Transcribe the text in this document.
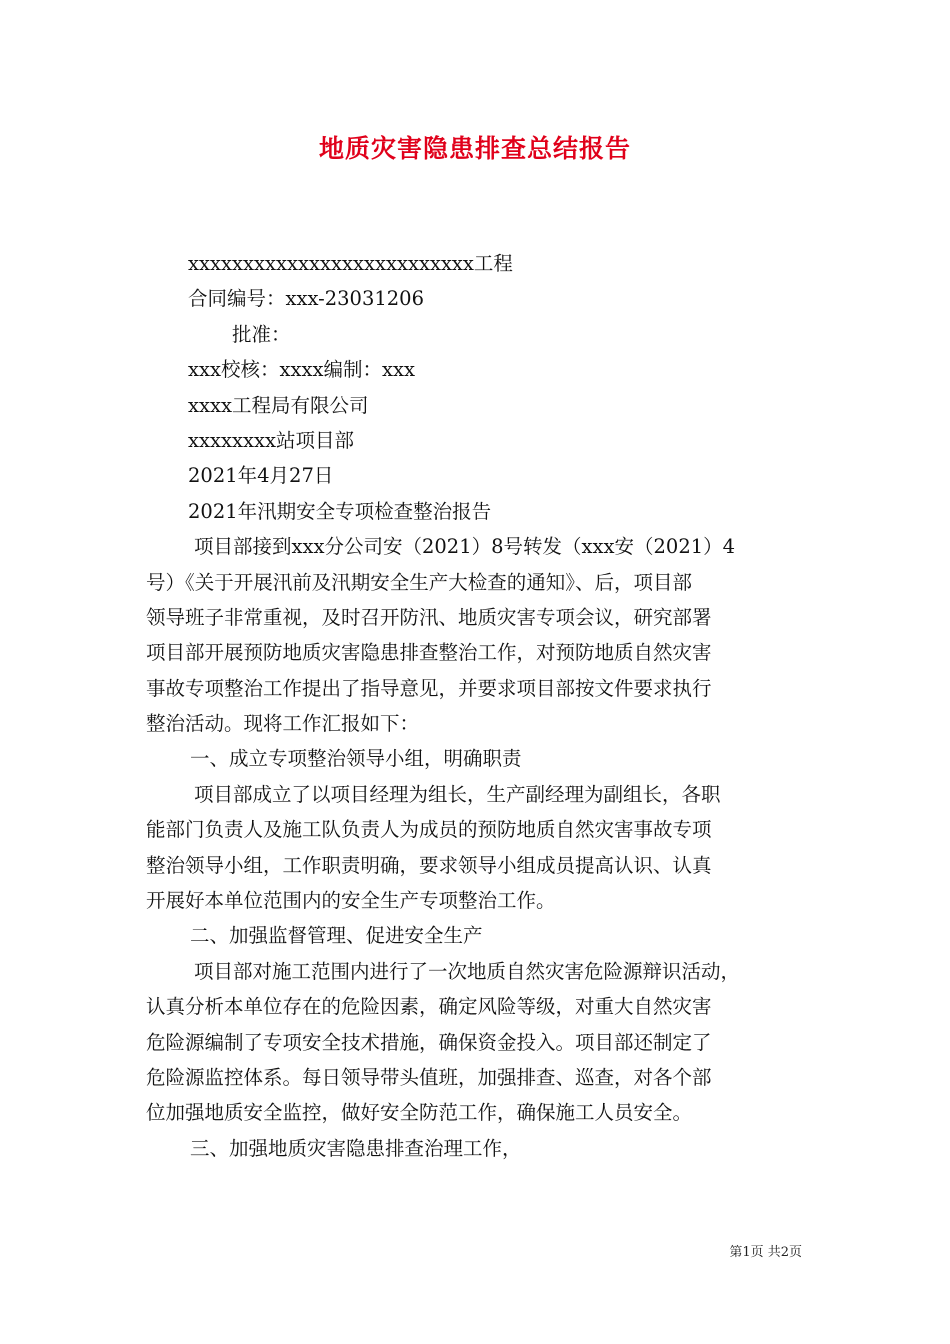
地质灾害隐患排查总结报告
xxxxxxxxxxxxxxxxxxxxxxxxxx工程
合同编号：xxx-23031206
批准：
xxx校核：xxxx编制：xxx
xxxx工程局有限公司
xxxxxxxx站项目部
2021年4月27日
2021年汛期安全专项检查整治报告
项目部接到xxx分公司安（2021）8号转发（xxx安（2021）4
号）《关于开展汛前及汛期安全生产大检查的通知》、后，项目部
领导班子非常重视，及时召开防汛、地质灾害专项会议，研究部署
项目部开展预防地质灾害隐患排查整治工作，对预防地质自然灾害
事故专项整治工作提出了指导意见，并要求项目部按文件要求执行
整治活动。现将工作汇报如下：
一、成立专项整治领导小组，明确职责
项目部成立了以项目经理为组长，生产副经理为副组长，各职
能部门负责人及施工队负责人为成员的预防地质自然灾害事故专项
整治领导小组，工作职责明确，要求领导小组成员提高认识、认真
开展好本单位范围内的安全生产专项整治工作。
二、加强监督管理、促进安全生产
项目部对施工范围内进行了一次地质自然灾害危险源辩识活动，
认真分析本单位存在的危险因素，确定风险等级，对重大自然灾害
危险源编制了专项安全技术措施，确保资金投入。项目部还制定了
危险源监控体系。每日领导带头值班，加强排查、巡查，对各个部
位加强地质安全监控，做好安全防范工作，确保施工人员安全。
三、加强地质灾害隐患排查治理工作，
第1页 共2页
